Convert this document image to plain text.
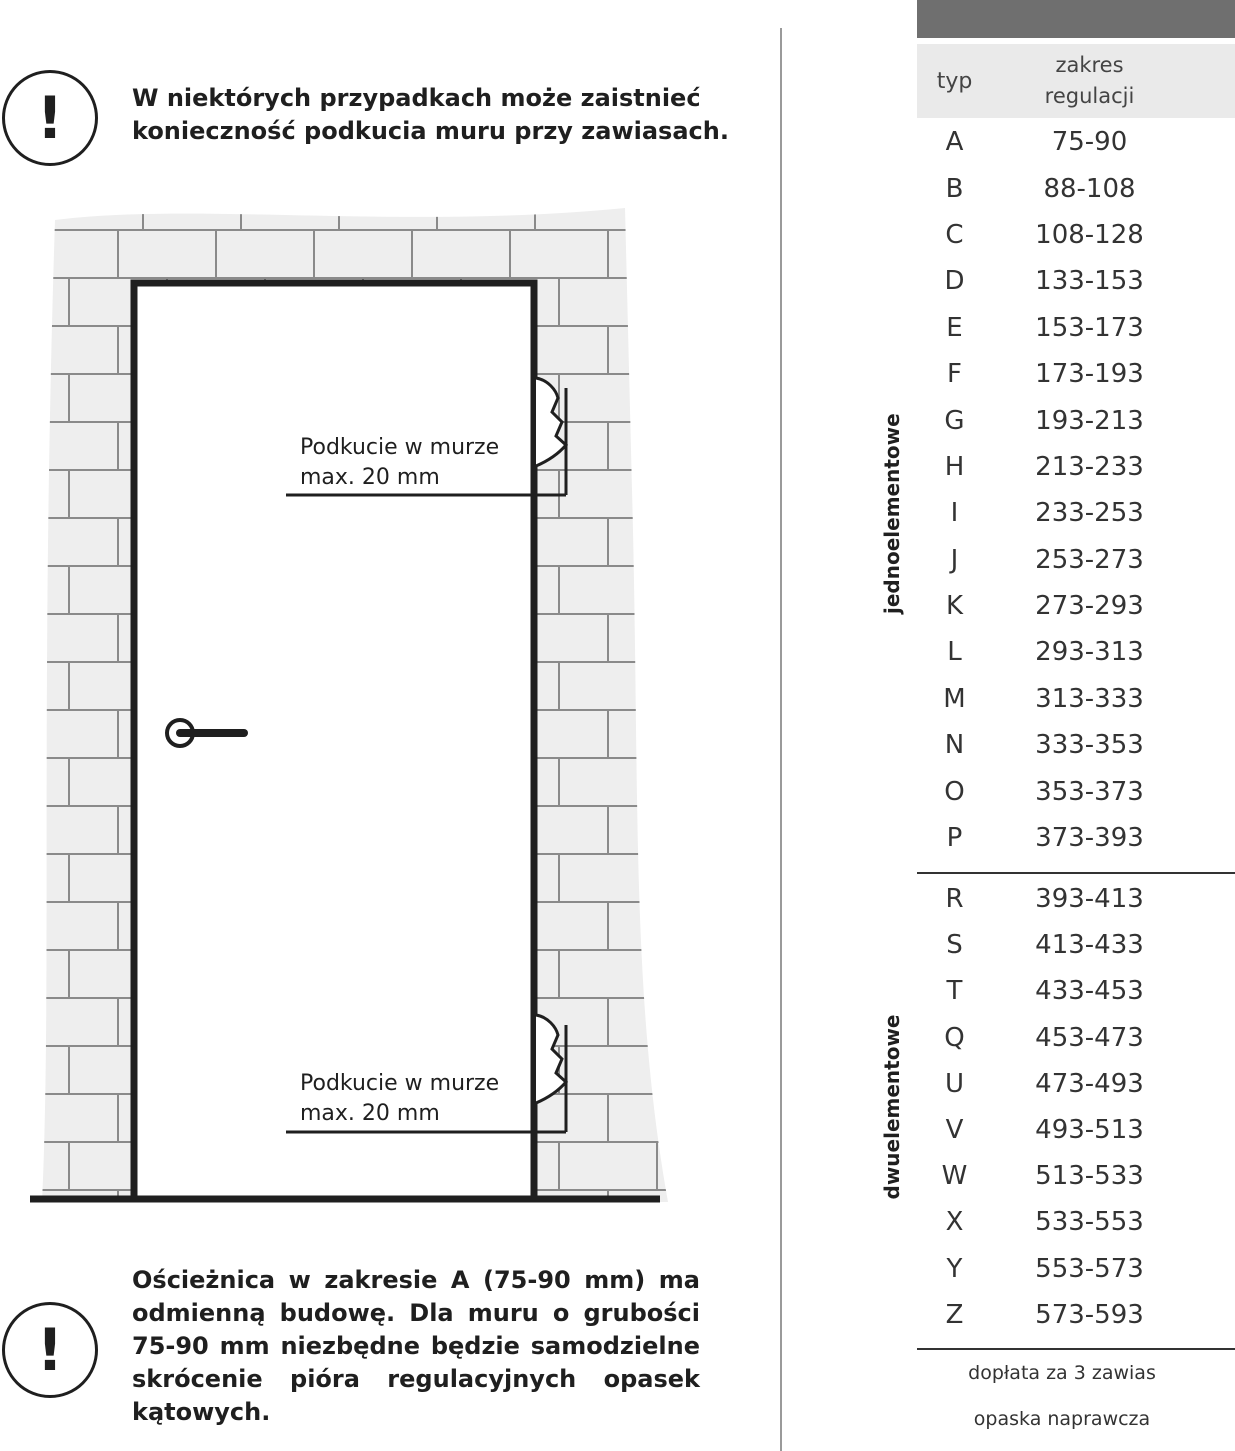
!	W niektórych przypadkach może zaistnieć
konieczność podkucia muru przy zawiasach.
Podkucie w murze
max. 20 mm
Podkucie w murze
max. 20 mm
!
Ościeżnica w zakresie A (75-90 mm) ma odmienną budowę. Dla muru o grubości 75-90 mm niezbędne będzie samodzielne skrócenie pióra regulacyjnych opasek kątowych.
typ
zakres
regulacji
A	75-90
B	88-108
C	108-128
D	133-153
E	153-173
F	173-193
G	193-213
H	213-233
I	233-253
J	253-273
K	273-293
L	293-313
M	313-333
N	333-353
O	353-373
P	373-393
R	393-413
S	413-433
T	433-453
Q	453-473
U	473-493
V	493-513
W	513-533
X	533-553
Y	553-573
Z	573-593
jednoelementowe
dwuelementowe
dopłata za 3 zawias
opaska naprawcza
